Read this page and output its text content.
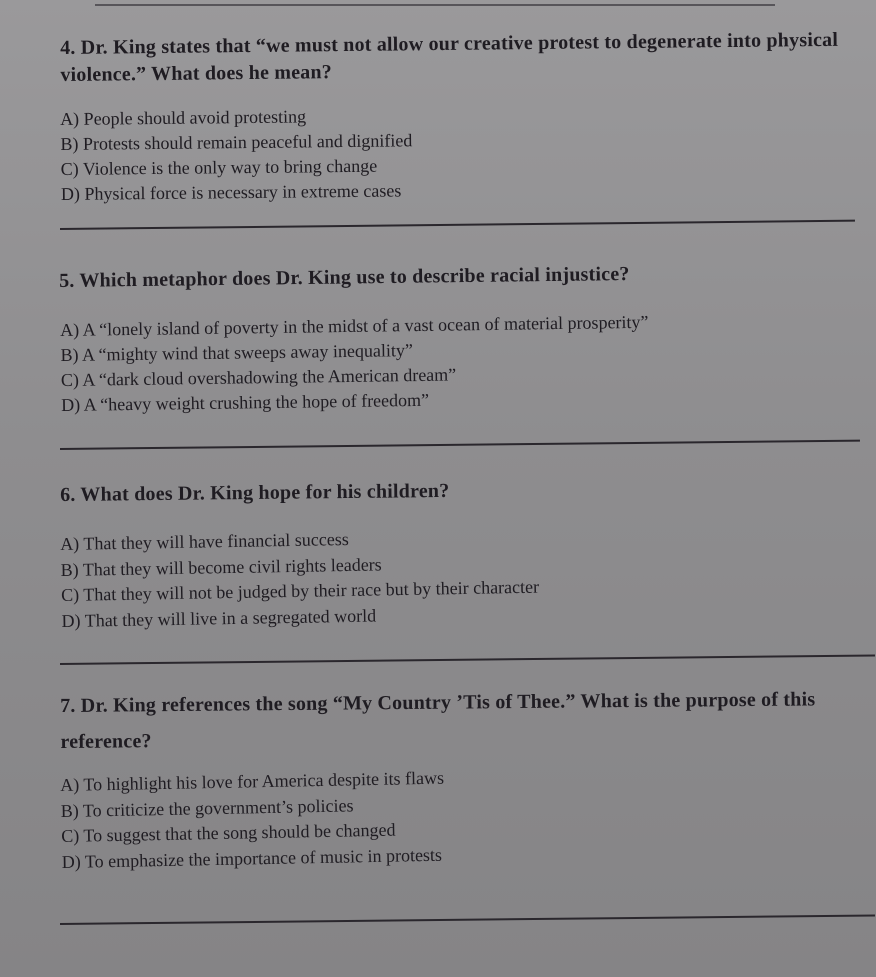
4. Dr. King states that “we must not allow our creative protest to degenerate into physical violence.” What does he mean?
A) People should avoid protesting
B) Protests should remain peaceful and dignified
C) Violence is the only way to bring change
D) Physical force is necessary in extreme cases
5. Which metaphor does Dr. King use to describe racial injustice?
A) A “lonely island of poverty in the midst of a vast ocean of material prosperity”
B) A “mighty wind that sweeps away inequality”
C) A “dark cloud overshadowing the American dream”
D) A “heavy weight crushing the hope of freedom”
6. What does Dr. King hope for his children?
A) That they will have financial success
B) That they will become civil rights leaders
C) That they will not be judged by their race but by their character
D) That they will live in a segregated world
7. Dr. King references the song “My Country ’Tis of Thee.” What is the purpose of this reference?
A) To highlight his love for America despite its flaws
B) To criticize the government’s policies
C) To suggest that the song should be changed
D) To emphasize the importance of music in protests
